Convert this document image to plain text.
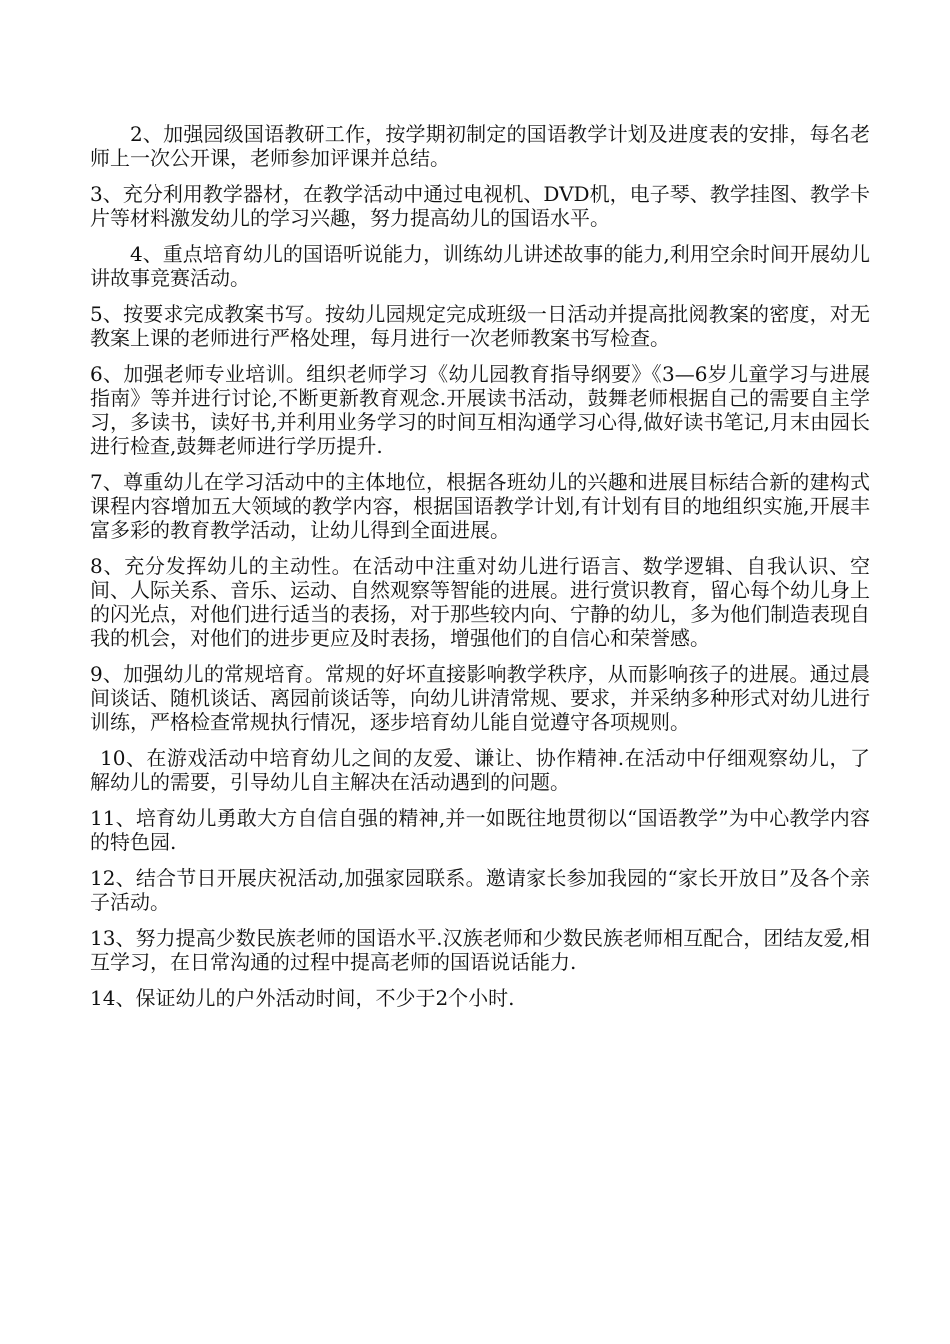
2、加强园级国语教研工作，按学期初制定的国语教学计划及进度表的安排，每名老师上一次公开课，老师参加评课并总结。

3、充分利用教学器材，在教学活动中通过电视机、DVD机，电子琴、教学挂图、教学卡片等材料激发幼儿的学习兴趣，努力提高幼儿的国语水平。

4、重点培育幼儿的国语听说能力，训练幼儿讲述故事的能力,利用空余时间开展幼儿讲故事竞赛活动。

5、按要求完成教案书写。按幼儿园规定完成班级一日活动并提高批阅教案的密度，对无教案上课的老师进行严格处理，每月进行一次老师教案书写检查。

6、加强老师专业培训。组织老师学习《幼儿园教育指导纲要》《3—6岁儿童学习与进展指南》等并进行讨论,不断更新教育观念.开展读书活动，鼓舞老师根据自己的需要自主学习，多读书，读好书,并利用业务学习的时间互相沟通学习心得,做好读书笔记,月末由园长进行检查,鼓舞老师进行学历提升.

7、尊重幼儿在学习活动中的主体地位，根据各班幼儿的兴趣和进展目标结合新的建构式课程内容增加五大领域的教学内容，根据国语教学计划,有计划有目的地组织实施,开展丰富多彩的教育教学活动，让幼儿得到全面进展。

8、充分发挥幼儿的主动性。在活动中注重对幼儿进行语言、数学逻辑、自我认识、空间、人际关系、音乐、运动、自然观察等智能的进展。进行赏识教育，留心每个幼儿身上的闪光点，对他们进行适当的表扬，对于那些较内向、宁静的幼儿，多为他们制造表现自我的机会，对他们的进步更应及时表扬，增强他们的自信心和荣誉感。

9、加强幼儿的常规培育。常规的好坏直接影响教学秩序，从而影响孩子的进展。通过晨间谈话、随机谈话、离园前谈话等，向幼儿讲清常规、要求，并采纳多种形式对幼儿进行训练，严格检查常规执行情况，逐步培育幼儿能自觉遵守各项规则。

10、在游戏活动中培育幼儿之间的友爱、谦让、协作精神.在活动中仔细观察幼儿，了解幼儿的需要，引导幼儿自主解决在活动遇到的问题。

11、培育幼儿勇敢大方自信自强的精神,并一如既往地贯彻以“国语教学”为中心教学内容的特色园.

12、结合节日开展庆祝活动,加强家园联系。邀请家长参加我园的“家长开放日”及各个亲子活动。

13、努力提高少数民族老师的国语水平.汉族老师和少数民族老师相互配合，团结友爱,相互学习，在日常沟通的过程中提高老师的国语说话能力.

14、保证幼儿的户外活动时间，不少于2个小时.
